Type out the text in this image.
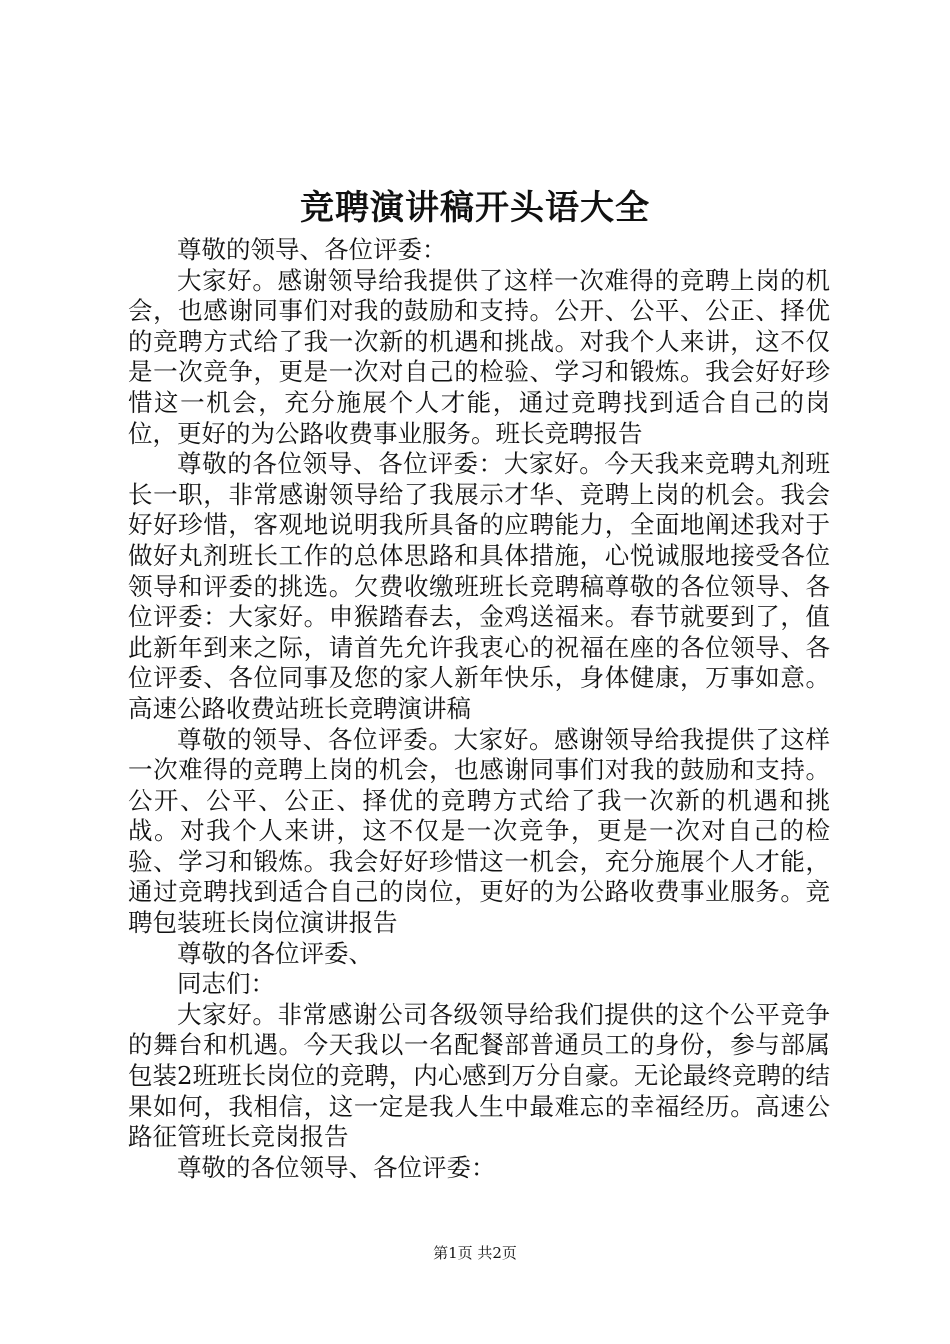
竞聘演讲稿开头语大全

尊敬的领导、各位评委：

大家好。感谢领导给我提供了这样一次难得的竞聘上岗的机会，也感谢同事们对我的鼓励和支持。公开、公平、公正、择优的竞聘方式给了我一次新的机遇和挑战。对我个人来讲，这不仅是一次竞争，更是一次对自己的检验、学习和锻炼。我会好好珍惜这一机会，充分施展个人才能，通过竞聘找到适合自己的岗位，更好的为公路收费事业服务。班长竞聘报告

尊敬的各位领导、各位评委：大家好。今天我来竞聘丸剂班长一职，非常感谢领导给了我展示才华、竞聘上岗的机会。我会好好珍惜，客观地说明我所具备的应聘能力，全面地阐述我对于做好丸剂班长工作的总体思路和具体措施，心悦诚服地接受各位领导和评委的挑选。欠费收缴班班长竞聘稿尊敬的各位领导、各位评委：大家好。申猴踏春去，金鸡送福来。春节就要到了，值此新年到来之际，请首先允许我衷心的祝福在座的各位领导、各位评委、各位同事及您的家人新年快乐，身体健康，万事如意。高速公路收费站班长竞聘演讲稿

尊敬的领导、各位评委。大家好。感谢领导给我提供了这样一次难得的竞聘上岗的机会，也感谢同事们对我的鼓励和支持。公开、公平、公正、择优的竞聘方式给了我一次新的机遇和挑战。对我个人来讲，这不仅是一次竞争，更是一次对自己的检验、学习和锻炼。我会好好珍惜这一机会，充分施展个人才能，通过竞聘找到适合自己的岗位，更好的为公路收费事业服务。竞聘包装班长岗位演讲报告

尊敬的各位评委、

同志们：

大家好。非常感谢公司各级领导给我们提供的这个公平竞争的舞台和机遇。今天我以一名配餐部普通员工的身份，参与部属包装2班班长岗位的竞聘，内心感到万分自豪。无论最终竞聘的结果如何，我相信，这一定是我人生中最难忘的幸福经历。高速公路征管班长竞岗报告

尊敬的各位领导、各位评委：

第1页 共2页
